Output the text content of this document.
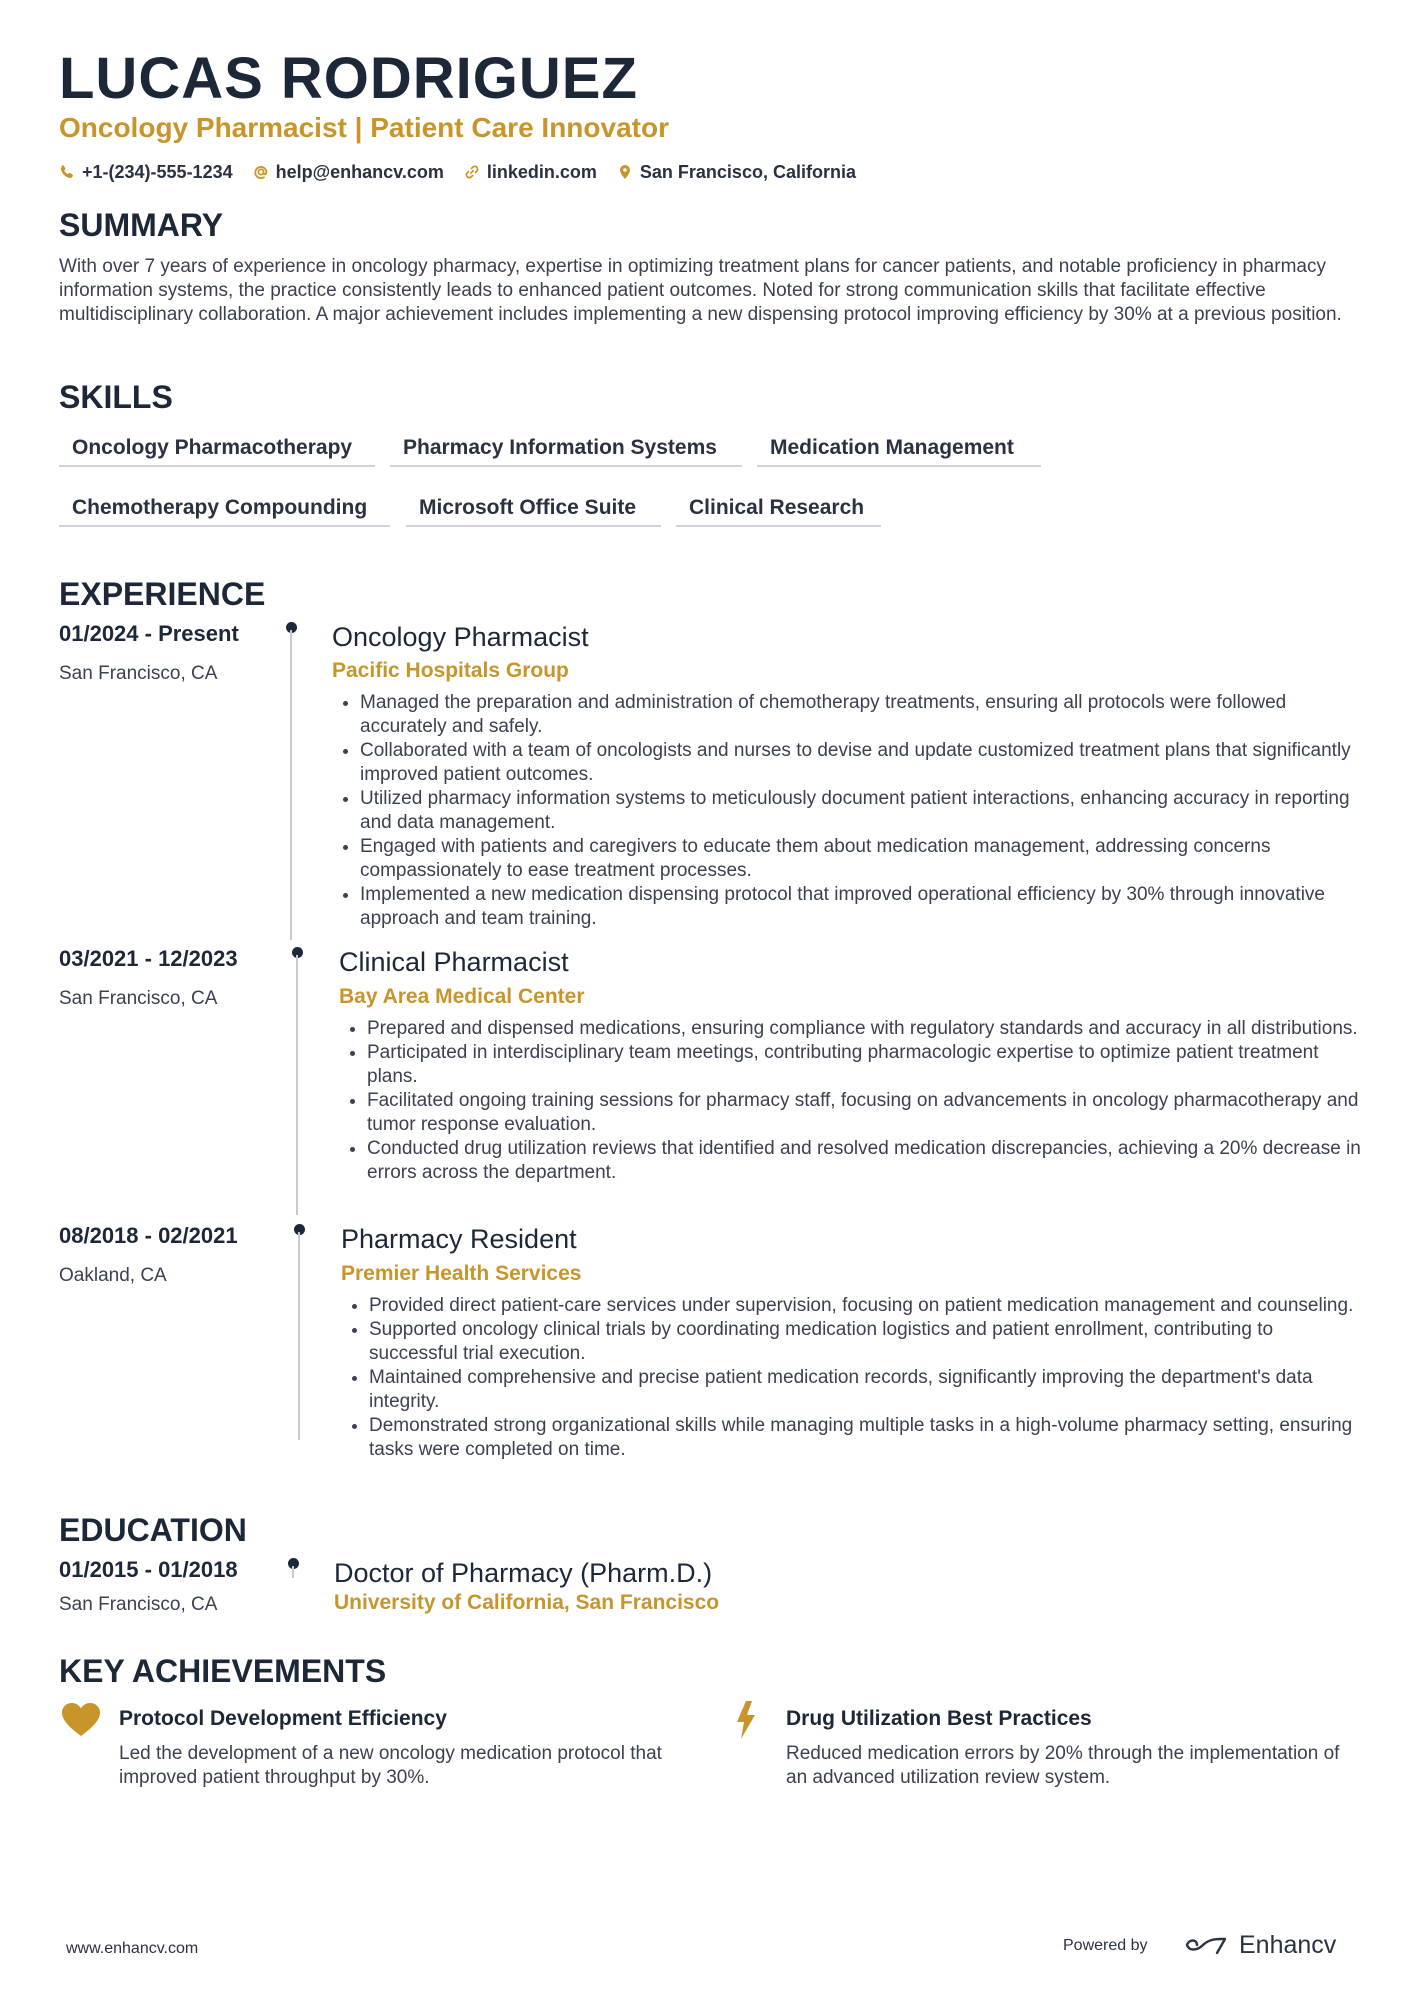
LUCAS RODRIGUEZ
Oncology Pharmacist | Patient Care Innovator
+1-(234)-555-1234 help@enhancv.com linkedin.com San Francisco, California
SUMMARY
With over 7 years of experience in oncology pharmacy, expertise in optimizing treatment plans for cancer patients, and notable proficiency in pharmacy information systems, the practice consistently leads to enhanced patient outcomes. Noted for strong communication skills that facilitate effective multidisciplinary collaboration. A major achievement includes implementing a new dispensing protocol improving efficiency by 30% at a previous position.
SKILLS
Oncology Pharmacotherapy	Pharmacy Information Systems	Medication Management
Chemotherapy Compounding	Microsoft Office Suite	Clinical Research
EXPERIENCE
01/2024 - Present
San Francisco, CA
Oncology Pharmacist
Pacific Hospitals Group
• Managed the preparation and administration of chemotherapy treatments, ensuring all protocols were followed accurately and safely.
• Collaborated with a team of oncologists and nurses to devise and update customized treatment plans that significantly improved patient outcomes.
• Utilized pharmacy information systems to meticulously document patient interactions, enhancing accuracy in reporting and data management.
• Engaged with patients and caregivers to educate them about medication management, addressing concerns compassionately to ease treatment processes.
• Implemented a new medication dispensing protocol that improved operational efficiency by 30% through innovative approach and team training.
03/2021 - 12/2023
San Francisco, CA
Clinical Pharmacist
Bay Area Medical Center
• Prepared and dispensed medications, ensuring compliance with regulatory standards and accuracy in all distributions.
• Participated in interdisciplinary team meetings, contributing pharmacologic expertise to optimize patient treatment plans.
• Facilitated ongoing training sessions for pharmacy staff, focusing on advancements in oncology pharmacotherapy and tumor response evaluation.
• Conducted drug utilization reviews that identified and resolved medication discrepancies, achieving a 20% decrease in errors across the department.
08/2018 - 02/2021
Oakland, CA
Pharmacy Resident
Premier Health Services
• Provided direct patient-care services under supervision, focusing on patient medication management and counseling.
• Supported oncology clinical trials by coordinating medication logistics and patient enrollment, contributing to successful trial execution.
• Maintained comprehensive and precise patient medication records, significantly improving the department's data integrity.
• Demonstrated strong organizational skills while managing multiple tasks in a high-volume pharmacy setting, ensuring tasks were completed on time.
EDUCATION
01/2015 - 01/2018
San Francisco, CA
Doctor of Pharmacy (Pharm.D.)
University of California, San Francisco
KEY ACHIEVEMENTS
Protocol Development Efficiency
Led the development of a new oncology medication protocol that improved patient throughput by 30%.
Drug Utilization Best Practices
Reduced medication errors by 20% through the implementation of an advanced utilization review system.
www.enhancv.com	Powered by	Enhancv
